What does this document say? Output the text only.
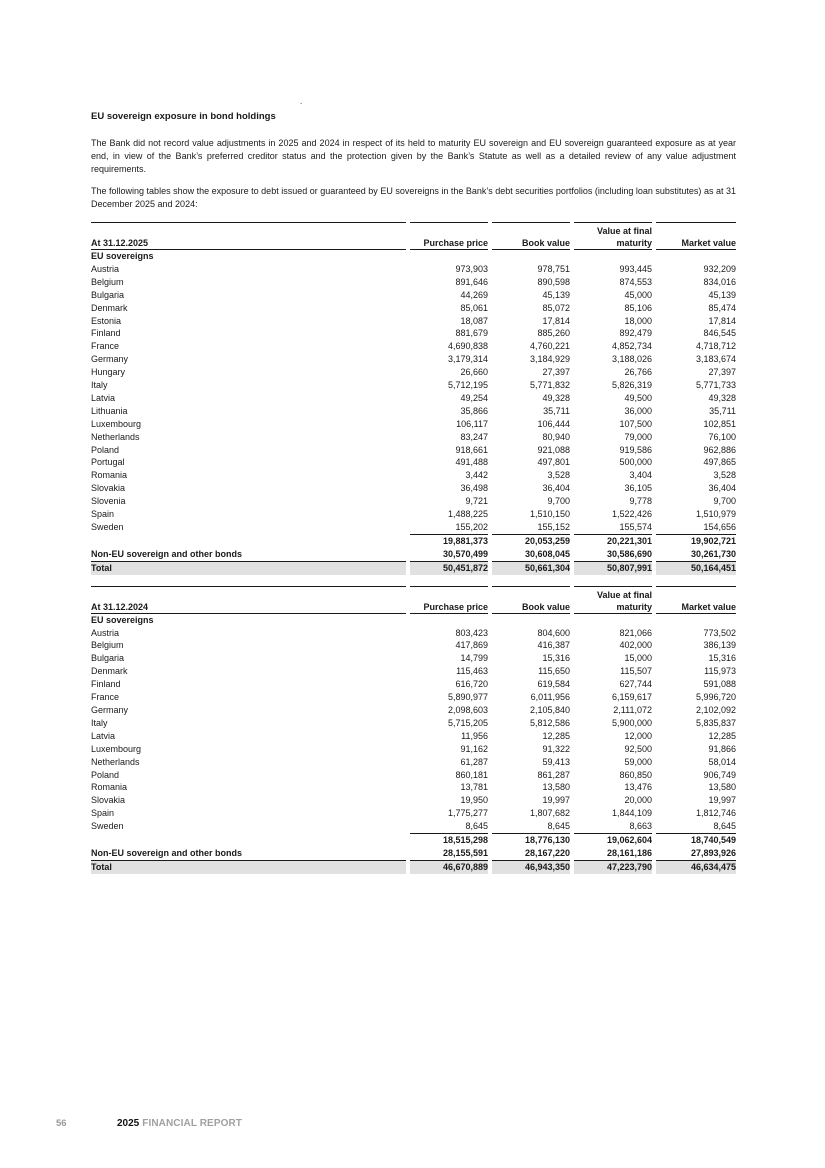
.
EU sovereign exposure in bond holdings

The Bank did not record value adjustments in 2025 and 2024 in respect of its held to maturity EU sovereign and EU sovereign guaranteed exposure as at year end, in view of the Bank’s preferred creditor status and the protection given by the Bank’s Statute as well as a detailed review of any value adjustment requirements.

The following tables show the exposure to debt issued or guaranteed by EU sovereigns in the Bank’s debt securities portfolios (including loan substitutes) as at 31 December 2025 and 2024:

At 31.12.2025	Purchase price	Book value	Value at final maturity	Market value
EU sovereigns				
Austria	973,903	978,751	993,445	932,209
Belgium	891,646	890,598	874,553	834,016
Bulgaria	44,269	45,139	45,000	45,139
Denmark	85,061	85,072	85,106	85,474
Estonia	18,087	17,814	18,000	17,814
Finland	881,679	885,260	892,479	846,545
France	4,690,838	4,760,221	4,852,734	4,718,712
Germany	3,179,314	3,184,929	3,188,026	3,183,674
Hungary	26,660	27,397	26,766	27,397
Italy	5,712,195	5,771,832	5,826,319	5,771,733
Latvia	49,254	49,328	49,500	49,328
Lithuania	35,866	35,711	36,000	35,711
Luxembourg	106,117	106,444	107,500	102,851
Netherlands	83,247	80,940	79,000	76,100
Poland	918,661	921,088	919,586	962,886
Portugal	491,488	497,801	500,000	497,865
Romania	3,442	3,528	3,404	3,528
Slovakia	36,498	36,404	36,105	36,404
Slovenia	9,721	9,700	9,778	9,700
Spain	1,488,225	1,510,150	1,522,426	1,510,979
Sweden	155,202	155,152	155,574	154,656
	19,881,373	20,053,259	20,221,301	19,902,721
Non-EU sovereign and other bonds	30,570,499	30,608,045	30,586,690	30,261,730
Total	50,451,872	50,661,304	50,807,991	50,164,451
At 31.12.2024	Purchase price	Book value	Value at final maturity	Market value
EU sovereigns				
Austria	803,423	804,600	821,066	773,502
Belgium	417,869	416,387	402,000	386,139
Bulgaria	14,799	15,316	15,000	15,316
Denmark	115,463	115,650	115,507	115,973
Finland	616,720	619,584	627,744	591,088
France	5,890,977	6,011,956	6,159,617	5,996,720
Germany	2,098,603	2,105,840	2,111,072	2,102,092
Italy	5,715,205	5,812,586	5,900,000	5,835,837
Latvia	11,956	12,285	12,000	12,285
Luxembourg	91,162	91,322	92,500	91,866
Netherlands	61,287	59,413	59,000	58,014
Poland	860,181	861,287	860,850	906,749
Romania	13,781	13,580	13,476	13,580
Slovakia	19,950	19,997	20,000	19,997
Spain	1,775,277	1,807,682	1,844,109	1,812,746
Sweden	8,645	8,645	8,663	8,645
	18,515,298	18,776,130	19,062,604	18,740,549
Non-EU sovereign and other bonds	28,155,591	28,167,220	28,161,186	27,893,926
Total	46,670,889	46,943,350	47,223,790	46,634,475
56	2025 FINANCIAL REPORT
